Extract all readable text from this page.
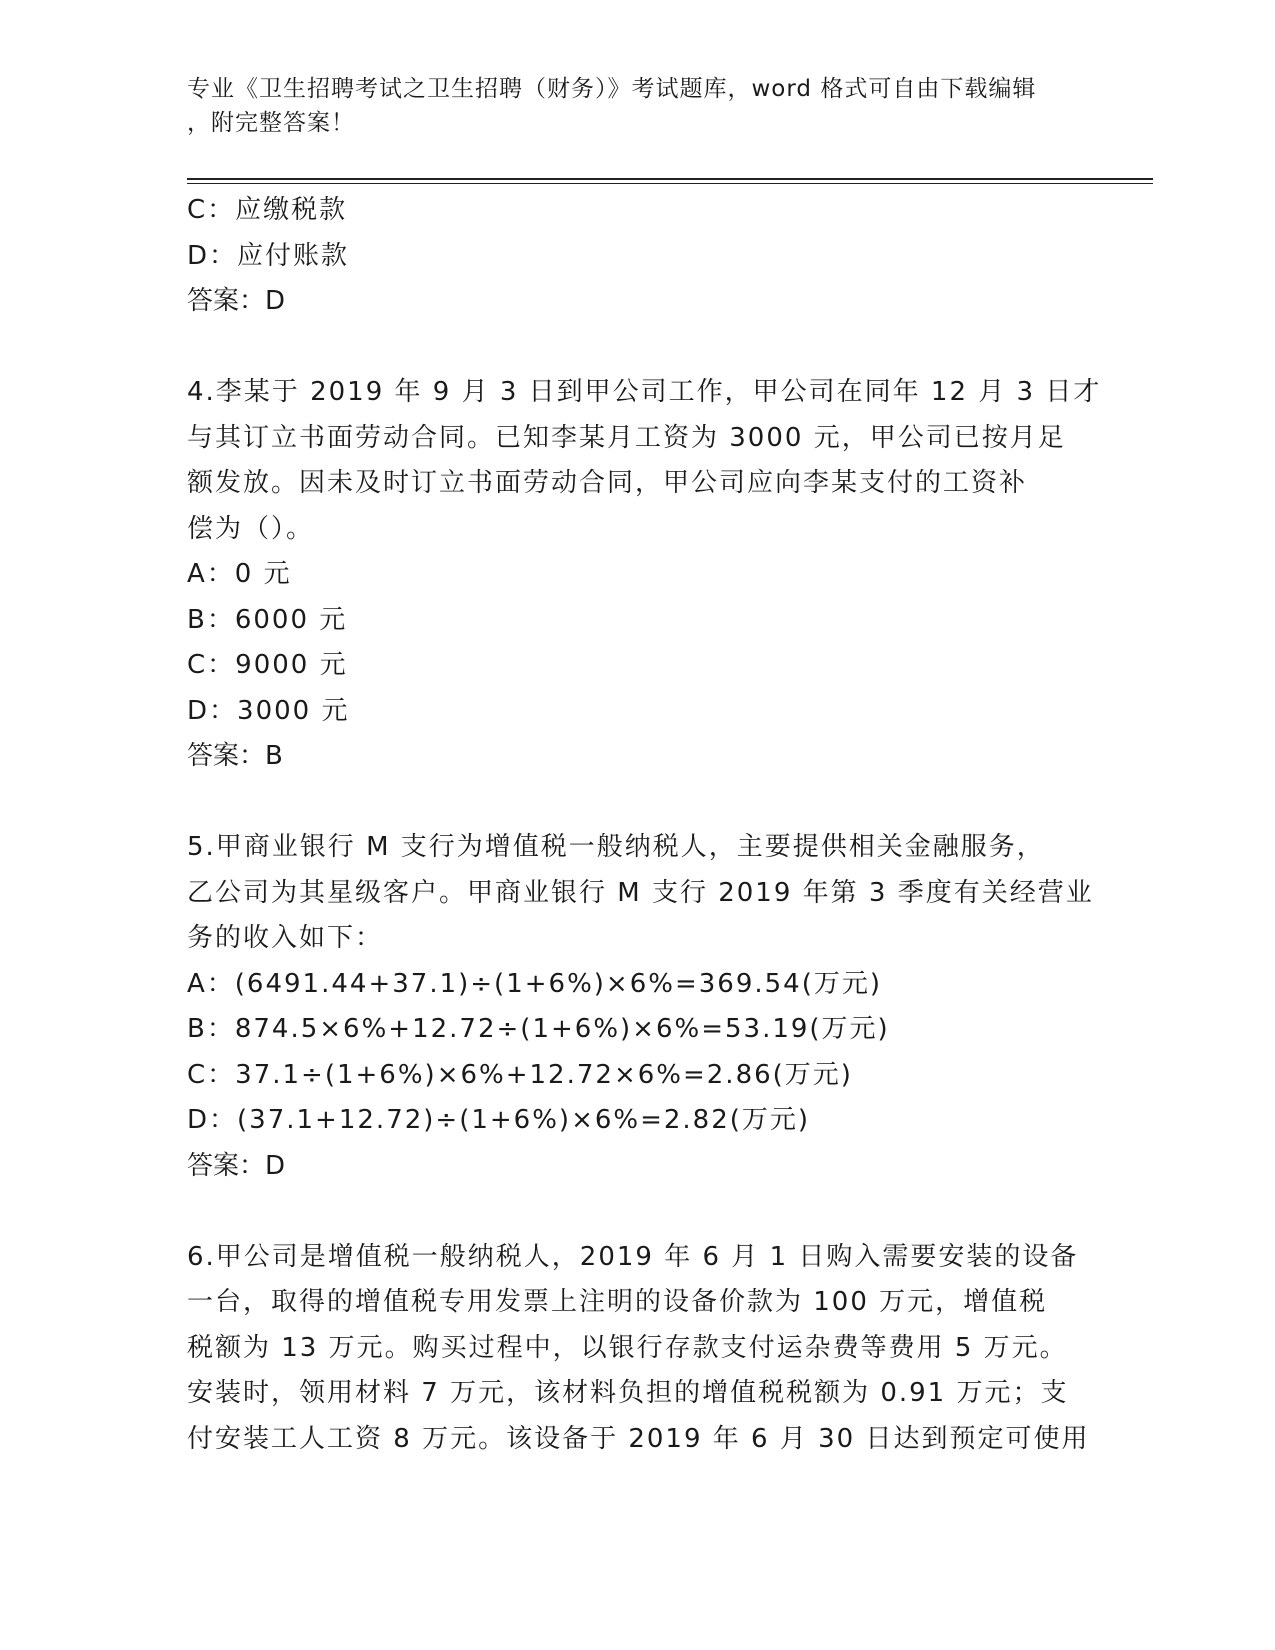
专业《卫生招聘考试之卫生招聘（财务）》考试题库，word 格式可自由下载编辑
，附完整答案！
C：应缴税款
D：应付账款
答案：D
4.李某于 2019 年 9 月 3 日到甲公司工作，甲公司在同年 12 月 3 日才
与其订立书面劳动合同。已知李某月工资为 3000 元，甲公司已按月足
额发放。因未及时订立书面劳动合同，甲公司应向李某支付的工资补
偿为（）。
A：0 元
B：6000 元
C：9000 元
D：3000 元
答案：B
5.甲商业银行 M 支行为增值税一般纳税人，主要提供相关金融服务，
乙公司为其星级客户。甲商业银行 M 支行 2019 年第 3 季度有关经营业
务的收入如下：
A：(6491.44+37.1)÷(1+6%)×6%=369.54(万元)
B：874.5×6%+12.72÷(1+6%)×6%=53.19(万元)
C：37.1÷(1+6%)×6%+12.72×6%=2.86(万元)
D：(37.1+12.72)÷(1+6%)×6%=2.82(万元)
答案：D
6.甲公司是增值税一般纳税人，2019 年 6 月 1 日购入需要安装的设备
一台，取得的增值税专用发票上注明的设备价款为 100 万元，增值税
税额为 13 万元。购买过程中，以银行存款支付运杂费等费用 5 万元。
安装时，领用材料 7 万元，该材料负担的增值税税额为 0.91 万元；支
付安装工人工资 8 万元。该设备于 2019 年 6 月 30 日达到预定可使用
